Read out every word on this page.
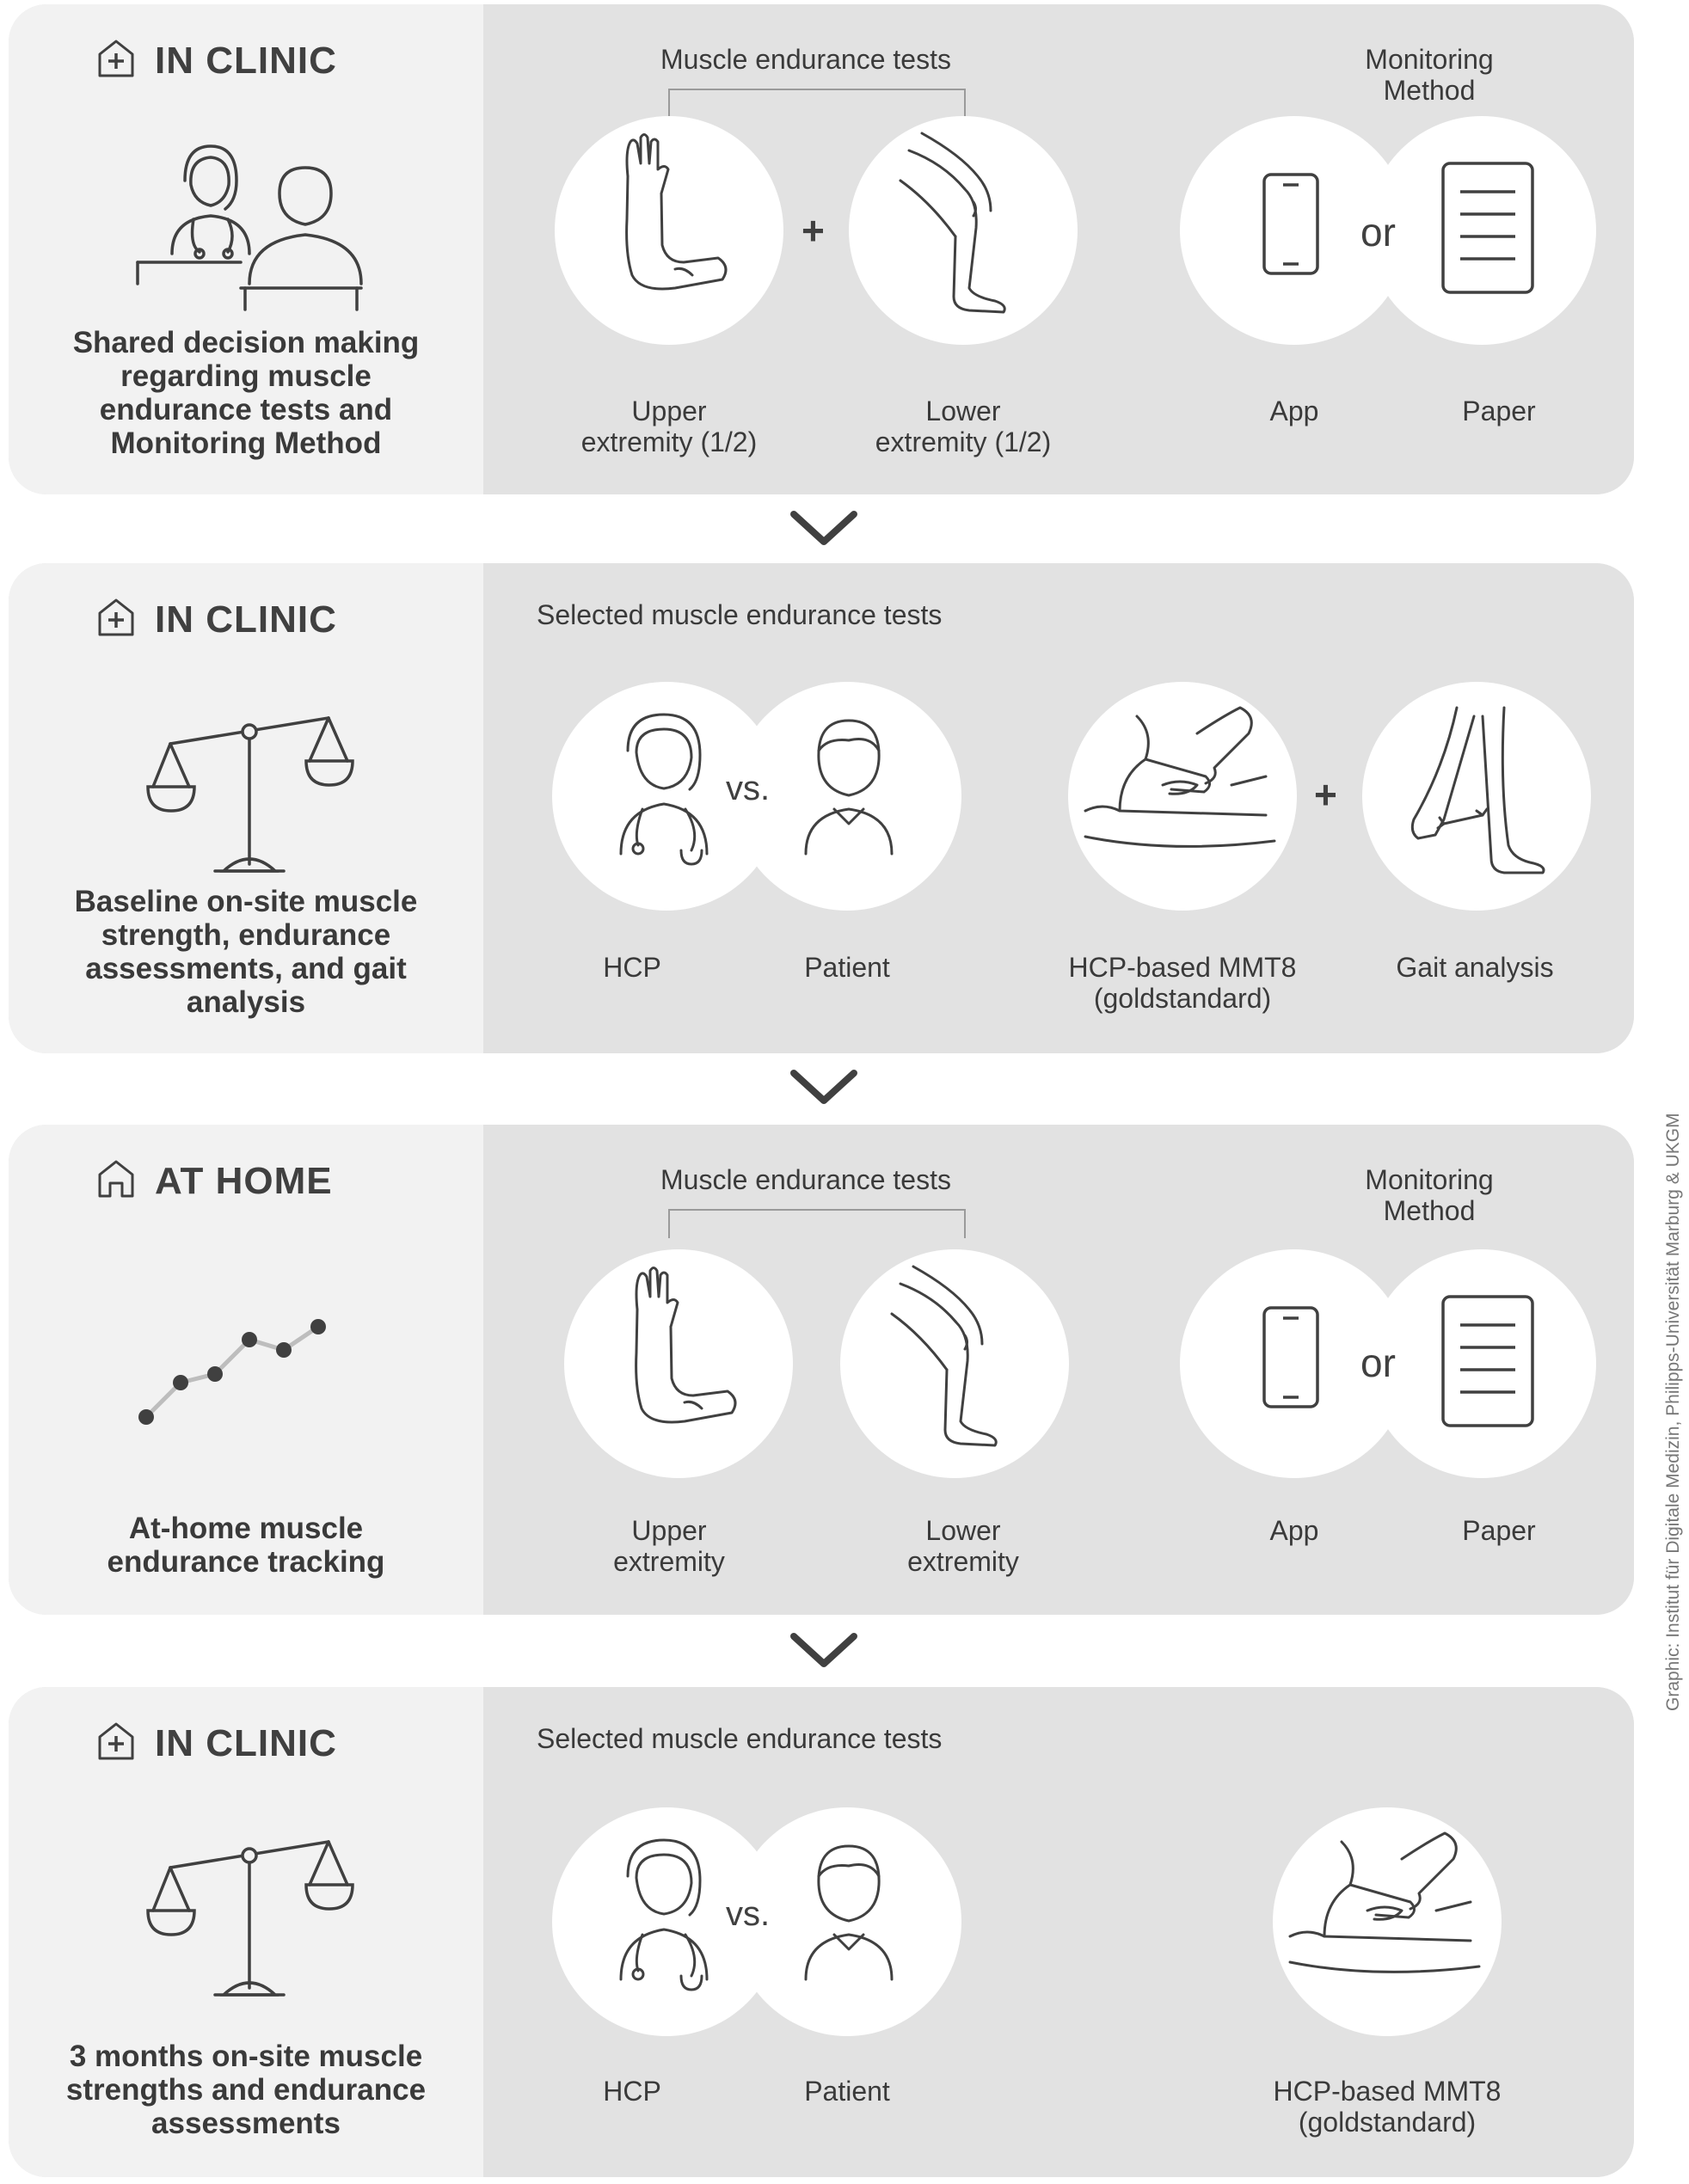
IN CLINIC
Shared decision making
regarding muscle
endurance tests and
Monitoring Method
Muscle endurance tests	Monitoring
Method
+	or
Upper
extremity (1/2)
Lower
extremity (1/2)
App	Paper
IN CLINIC
Baseline on-site muscle
strength, endurance
assessments, and gait
analysis
Selected muscle endurance tests
vs.	+
HCP	Patient	HCP-based MMT8
(goldstandard)
Gait analysis
AT HOME
At-home muscle
endurance tracking
Muscle endurance tests	Monitoring
Method
or
Upper
extremity
Lower
extremity
App	Paper
IN CLINIC
3 months on-site muscle
strengths and endurance
assessments
Selected muscle endurance tests
vs.
HCP	Patient	HCP-based MMT8
(goldstandard)
Graphic: Institut für Digitale Medizin, Philipps-Universität Marburg & UKGM
